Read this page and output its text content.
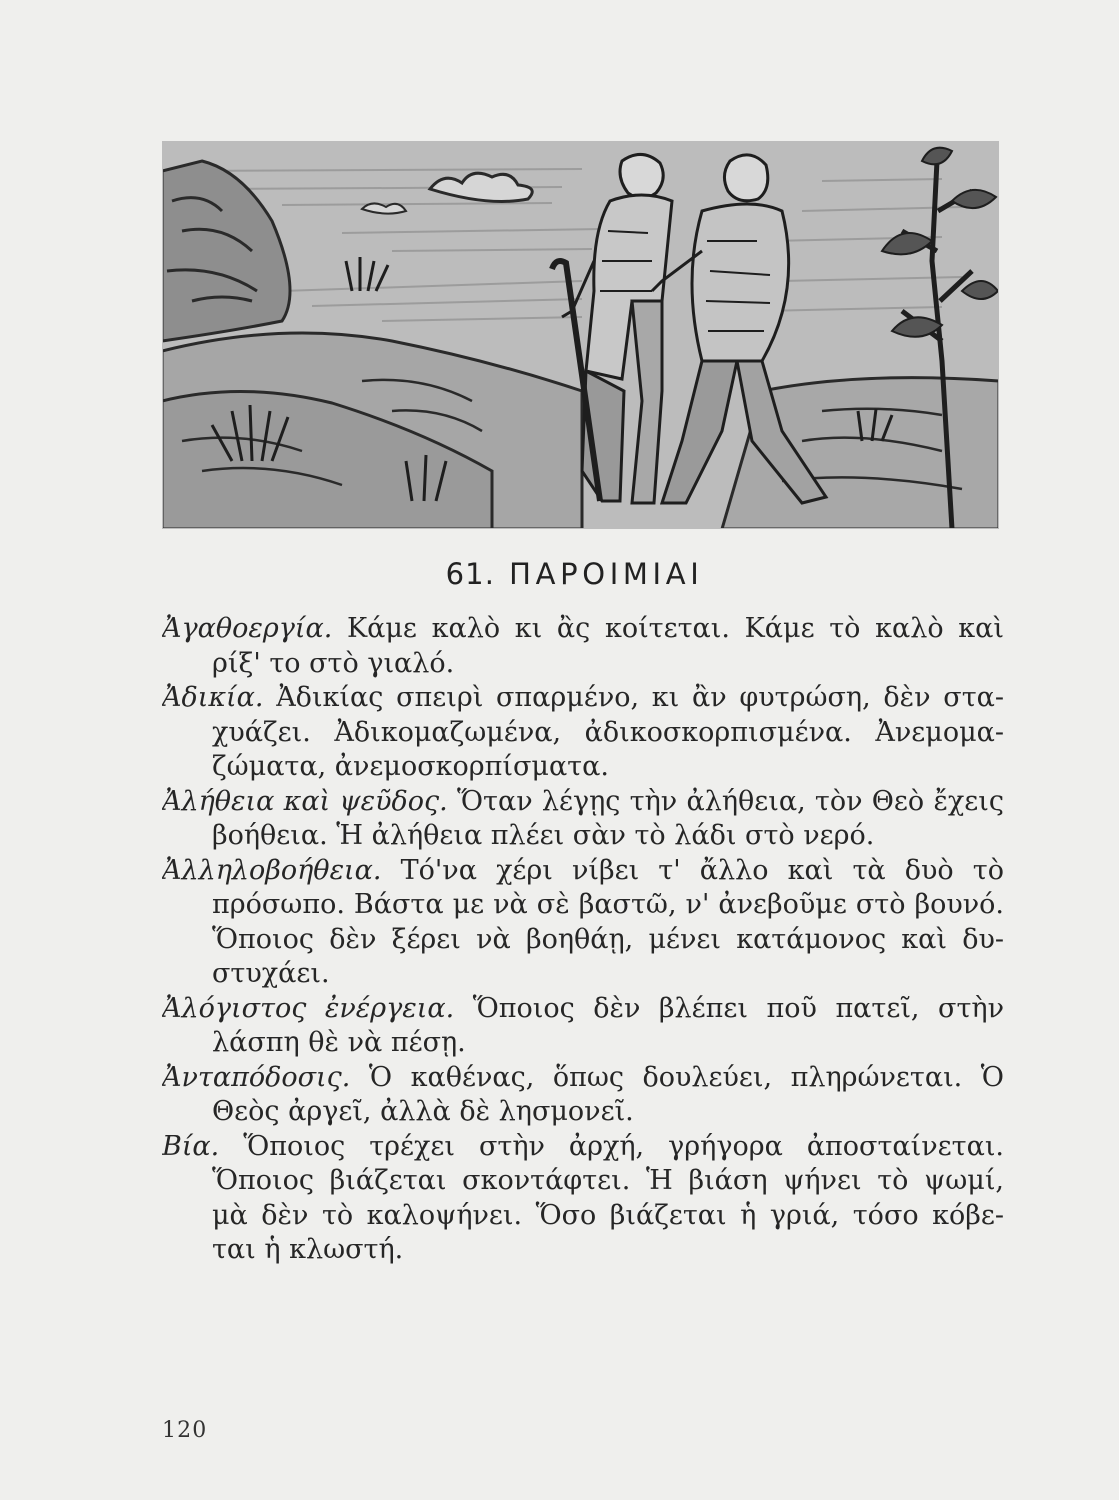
61. ΠΑΡΟΙΜΙΑΙ
Ἀγαθοεργία. Κάμε καλὸ κι ἂς κοίτεται. Κάμε τὸ καλὸ καὶ
ρίξ' το στὸ γιαλό.
Ἀδικία. Ἀδικίας σπειρὶ σπαρμένο, κι ἂν φυτρώση, δὲν στα-
χυάζει. Ἀδικομαζωμένα, ἀδικοσκορπισμένα. Ἀνεμομα-
ζώματα, ἀνεμοσκορπίσματα.
Ἀλήθεια καὶ ψεῦδος. Ὅταν λέγῃς τὴν ἀλήθεια, τὸν Θεὸ ἔχεις
βοήθεια. Ἡ ἀλήθεια πλέει σὰν τὸ λάδι στὸ νερό.
Ἀλληλοβοήθεια. Τό'να χέρι νίβει τ' ἄλλο καὶ τὰ δυὸ τὸ
πρόσωπο. Βάστα με νὰ σὲ βαστῶ, ν' ἀνεβοῦμε στὸ βουνό.
Ὅποιος δὲν ξέρει νὰ βοηθάῃ, μένει κατάμονος καὶ δυ-
στυχάει.
Ἀλόγιστος ἐνέργεια. Ὅποιος δὲν βλέπει ποῦ πατεῖ, στὴν
λάσπη θὲ νὰ πέσῃ.
Ἀνταπόδοσις. Ὁ καθένας, ὅπως δουλεύει, πληρώνεται. Ὁ
Θεὸς ἀργεῖ, ἀλλὰ δὲ λησμονεῖ.
Βία. Ὅποιος τρέχει στὴν ἀρχή, γρήγορα ἀποσταίνεται.
Ὅποιος βιάζεται σκοντάφτει. Ἡ βιάση ψήνει τὸ ψωμί,
μὰ δὲν τὸ καλοψήνει. Ὅσο βιάζεται ἡ γριά, τόσο κόβε-
ται ἡ κλωστή.
120
